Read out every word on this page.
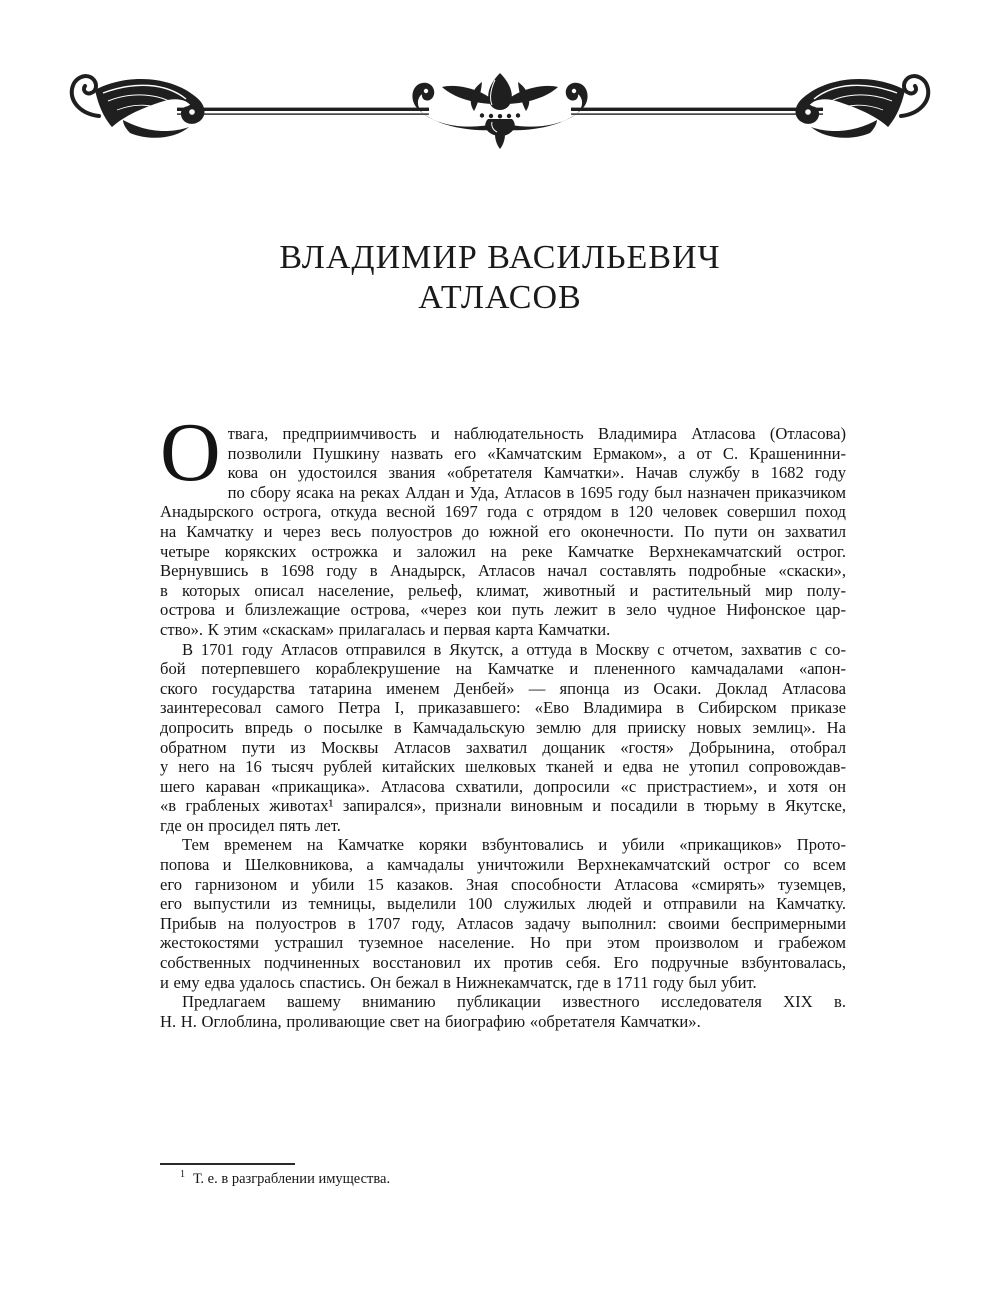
ВЛАДИМИР ВАСИЛЬЕВИЧ
АТЛАСОВ
О твага, предприимчивость и наблюдательность Владимира Атласова (Отласова)
позволили Пушкину назвать его «Камчатским Ермаком», а от С. Крашенинни-
кова он удостоился звания «обретателя Камчатки». Начав службу в 1682 году
по сбору ясака на реках Алдан и Уда, Атласов в 1695 году был назначен приказчиком
Анадырского острога, откуда весной 1697 года с отрядом в 120 человек совершил поход
на Камчатку и через весь полуостров до южной его оконечности. По пути он захватил
четыре корякских острожка и заложил на реке Камчатке Верхнекамчатский острог.
Вернувшись в 1698 году в Анадырск, Атласов начал составлять подробные «скаски»,
в которых описал население, рельеф, климат, животный и растительный мир полу-
острова и близлежащие острова, «через кои путь лежит в зело чудное Нифонское цар-
ство». К этим «скаскам» прилагалась и первая карта Камчатки.
В 1701 году Атласов отправился в Якутск, а оттуда в Москву с отчетом, захватив с со-
бой потерпевшего кораблекрушение на Камчатке и плененного камчадалами «апон-
ского государства татарина именем Денбей» — японца из Осаки. Доклад Атласова
заинтересовал самого Петра I, приказавшего: «Ево Владимира в Сибирском приказе
допросить впредь о посылке в Камчадальскую землю для прииску новых землиц». На
обратном пути из Москвы Атласов захватил дощаник «гостя» Добрынина, отобрал
у него на 16 тысяч рублей китайских шелковых тканей и едва не утопил сопровождав-
шего караван «прикащика». Атласова схватили, допросили «с пристрастием», и хотя он
«в грабленых животах¹ запирался», признали виновным и посадили в тюрьму в Якутске,
где он просидел пять лет.
Тем временем на Камчатке коряки взбунтовались и убили «прикащиков» Прото-
попова и Шелковникова, а камчадалы уничтожили Верхнекамчатский острог со всем
его гарнизоном и убили 15 казаков. Зная способности Атласова «смирять» туземцев,
его выпустили из темницы, выделили 100 служилых людей и отправили на Камчатку.
Прибыв на полуостров в 1707 году, Атласов задачу выполнил: своими беспримерными
жестокостями устрашил туземное население. Но при этом произволом и грабежом
собственных подчиненных восстановил их против себя. Его подручные взбунтовалась,
и ему едва удалось спастись. Он бежал в Нижнекамчатск, где в 1711 году был убит.
Предлагаем вашему вниманию публикации известного исследователя XIX в.
Н. Н. Оглоблина, проливающие свет на биографию «обретателя Камчатки».
$^1$ Т. е. в разграблении имущества.
